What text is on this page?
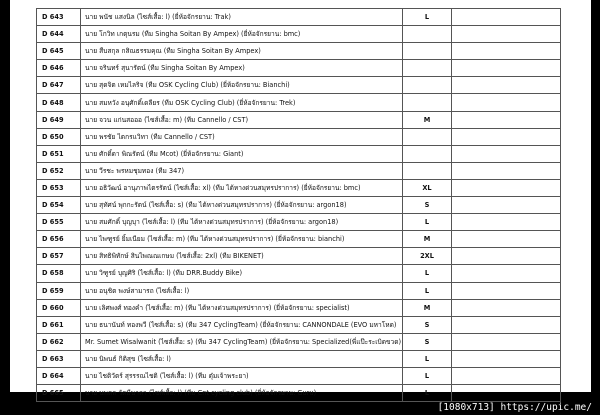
D 643	นาย พนัช แสงนิล (ไซส์เสื้อ: l) (ยี่ห้อจักรยาน: Trak)	L	
D 644	นาย โกวิท เกตุนรม (ทีม Singha Soitan By Ampex) (ยี่ห้อจักรยาน: bmc)		
D 645	นาย สืบสกุล กสิณธรรมคุณ (ทีม Singha Soitan By Ampex)		
D 646	นาย จรินทร์ สุนารัตน์ (ทีม Singha Soitan By Ampex)		
D 647	นาย สุดจิต เหมไลริจ (ทีม OSK Cycling Club) (ยี่ห้อจักรยาน: Bianchi)		
D 648	นาย สมหวัง อนุศักดิ์เดลียร (ทีม OSK Cycling Club) (ยี่ห้อจักรยาน: Trek)		
D 649	นาย จวน แก่นสอออ (ไซส์เสื้อ: m) (ทีม Cannello / CST)	M	
D 650	นาย พรชัย ไตกรแวิทา (ทีม Cannello / CST)		
D 651	นาย ศักดิ์ดา พิณรัตน์ (ทีม Mcot) (ยี่ห้อจักรยาน: Giant)		
D 652	นาย วีรชะ พรหมชุมทอง (ทีม 347)		
D 653	นาย อธิวัฒน์ อานุภาพไตรรัตน์ (ไซส์เสื้อ: xl) (ทีม ไต้หางด่วนสมุทรปราการ) (ยี่ห้อจักรยาน: bmc)	XL	
D 654	นาย สุทัศน์ พุกกะรัตน์ (ไซส์เสื้อ: s) (ทีม ไต้หางด่วนสมุทรปราการ) (ยี่ห้อจักรยาน: argon18)	S	
D 655	นาย สมศักดิ์ บุญบุา (ไซส์เสื้อ: l) (ทีม ไต้หางด่วนสมุทรปราการ) (ยี่ห้อจักรยาน: argon18)	L	
D 656	นาย ไพฑูรย์ ยิ้มเนียม (ไซส์เสื้อ: m) (ทีม ไต้หางด่วนสมุทรปราการ) (ยี่ห้อจักรยาน: bianchi)	M	
D 657	นาย สิทธิพิทักษ์ สินไพณณเกษม (ไซส์เสื้อ: 2xl) (ทีม BIKENET)	2XL	
D 658	นาย วิฑูรย์ บุญศิริ (ไซส์เสื้อ: l) (ทีม DRR.Buddy Bike)	L	
D 659	นาย อนุชิต พงษ์สามารถ (ไซส์เสื้อ: l)	L	
D 660	นาย เลิศพงศ์ ทองคำ (ไซส์เสื้อ: m) (ทีม ไต้หางด่วนสมุทรปราการ) (ยี่ห้อจักรยาน: specialist)	M	
D 661	นาย ธนานันท์ ทองพวี (ไซส์เสื้อ: s) (ทีม 347 CyclingTeam) (ยี่ห้อจักรยาน: CANNONDALE (EVO มหาโหด)	S	
D 662	Mr. Sumet Wisalwanit (ไซส์เสื้อ: s) (ทีม 347 CyclingTeam) (ยี่ห้อจักรยาน: Specialized(พี่แป๊ะระเบิดขวด)	S	
D 663	นาย นิพนธ์ กิติสุข (ไซส์เสื้อ: l)	L	
D 664	นาย ไชติวัตร์ สุรรรณไชติ (ไซส์เสื้อ: l) (ทีม ตุ๋มเจ้าพระยา)	L	
D 665	นาย นพดล วัดมีนาลา (ไซส์เสื้อ: l) (ทีม Cnt cycling club) (ยี่ห้อจักรยาน: Guru)	L	
[1080x713] https://upic.me/
